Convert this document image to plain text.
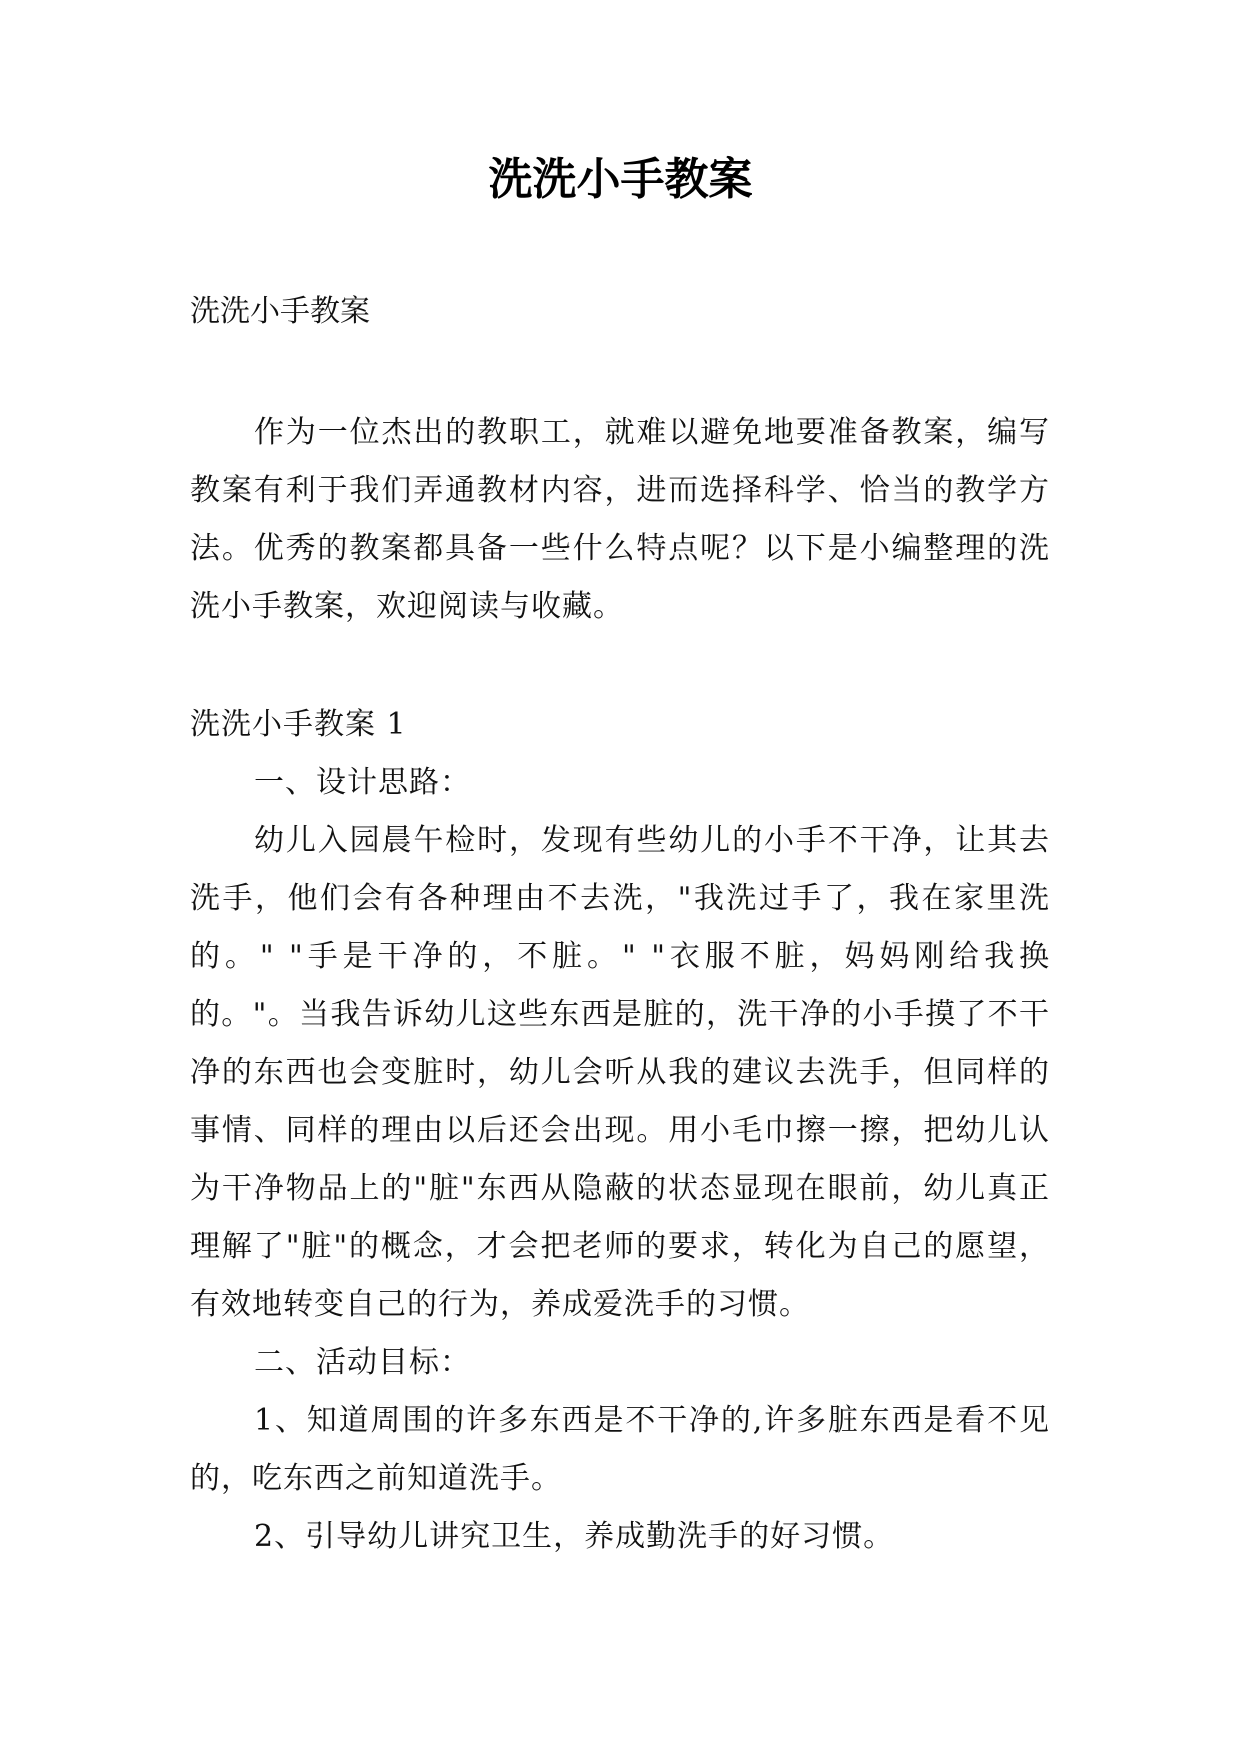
洗洗小手教案
洗洗小手教案

作为一位杰出的教职工，就难以避免地要准备教案，编写教案有利于我们弄通教材内容，进而选择科学、恰当的教学方法。优秀的教案都具备一些什么特点呢？以下是小编整理的洗洗小手教案，欢迎阅读与收藏。

洗洗小手教案 1

一、设计思路：

幼儿入园晨午检时，发现有些幼儿的小手不干净，让其去洗手，他们会有各种理由不去洗，"我洗过手了，我在家里洗的。" "手是干净的，不脏。" "衣服不脏，妈妈刚给我换的。"。当我告诉幼儿这些东西是脏的，洗干净的小手摸了不干净的东西也会变脏时，幼儿会听从我的建议去洗手，但同样的事情、同样的理由以后还会出现。用小毛巾擦一擦，把幼儿认为干净物品上的"脏"东西从隐蔽的状态显现在眼前，幼儿真正理解了"脏"的概念，才会把老师的要求，转化为自己的愿望，有效地转变自己的行为，养成爱洗手的习惯。

二、活动目标：

1、知道周围的许多东西是不干净的,许多脏东西是看不见的，吃东西之前知道洗手。

2、引导幼儿讲究卫生，养成勤洗手的好习惯。
